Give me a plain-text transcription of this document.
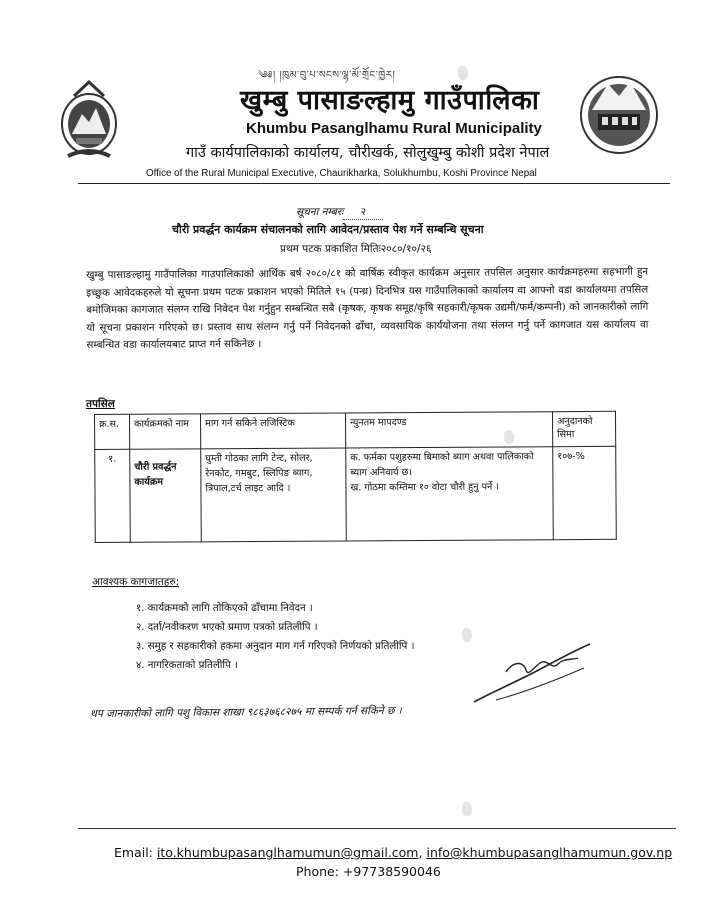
༄༅། །ཁུམ་བུ་པ་སངས་ལྷ་མོ་གྲོང་ཁྱེར།
खुम्बु पासाङल्हामु गाउँपालिका
Khumbu Pasanglhamu Rural Municipality
गाउँ कार्यपालिकाको कार्यालय, चौरीखर्क, सोलुखुम्बु कोशी प्रदेश नेपाल
Office of the Rural Municipal Executive, Chaurikharka, Solukhumbu, Koshi Province Nepal
सूचना नम्बरः २
चौरी प्रवर्द्धन कार्यक्रम संचालनको लागि आवेदन/प्रस्ताव पेश गर्ने सम्बन्धि सूचना
प्रथम पटक प्रकाशित मितिः२०८०/१०/२६
खुम्बु पासाङल्हामु गाउँपालिका गाउपालिकाको आर्थिक बर्ष २०८०/८१ को वार्षिक स्वीकृत कार्यक्रम अनुसार तपसिल अनुसार कार्यक्रमहरुमा सहभागी हुन इच्छुक आवेदकहरुले यो सूचना प्रथम पटक प्रकाशन भएको मितिले १५ (पन्ध्र) दिनभित्र यस गाउँपालिकाको कार्यालय वा आफ्नो वडा कार्यालयमा तपसिल बमोजिमका कागजात संलग्न राखि निवेदन पेश गर्नुहुन सम्बन्धित सबै (कृषक, कृषक समूह/कृषि सहकारी/कृषक उद्यमी/फर्म/कम्पनी) को जानकारीको लागि यो सूचना प्रकाशन गरिएको छ। प्रस्ताव साथ संलग्न गर्नु पर्ने निवेदनको ढाँचा, व्यवसायिक कार्ययोजना तथा संलग्न गर्नु पर्ने कागजात यस कार्यालय वा सम्बन्धित वडा कार्यालयबाट प्राप्त गर्न सकिनेछ ।
तपसिल
क्र.स.	कार्यक्रमको नाम	माग गर्न सकिने लजिस्टिक	न्युनतम मापदण्ड	अनुदानको सिमा
१.	चौरी प्रवर्द्धन कार्यक्रम	घुम्ती गोठका लागि टेन्ट, सोलर, रेनकोट, गमबुट, स्लिपिङ ब्याग, त्रिपाल,टर्च लाइट आदि ।	क. फर्मका पशुहरुमा बिमाको ब्याग अथवा पालिकाको ब्याग अनिवार्य छ।
ख. गोठमा कम्तिमा १० वोटा चौरी हुनु पर्ने ।	१०७-%
आवश्यक कागजातहरु:
१. कार्यक्रमको लागि तोकिएको ढाँचामा निवेदन ।
२. दर्ता/नवीकरण भएको प्रमाण पत्रको प्रतिलीपि ।
३. समुह र सहकारीको हकमा अनुदान माग गर्न गरिएको निर्णयको प्रतिलीपि ।
४. नागरिकताको प्रतिलीपि ।
थप जानकारीको लागि पशु विकास शाखा ९८६३७६८२७५ मा सम्पर्क गर्न सकिने छ ।
Email: ito.khumbupasanglhamumun@gmail.com, info@khumbupasanglhamumun.gov.np
Phone: +97738590046
